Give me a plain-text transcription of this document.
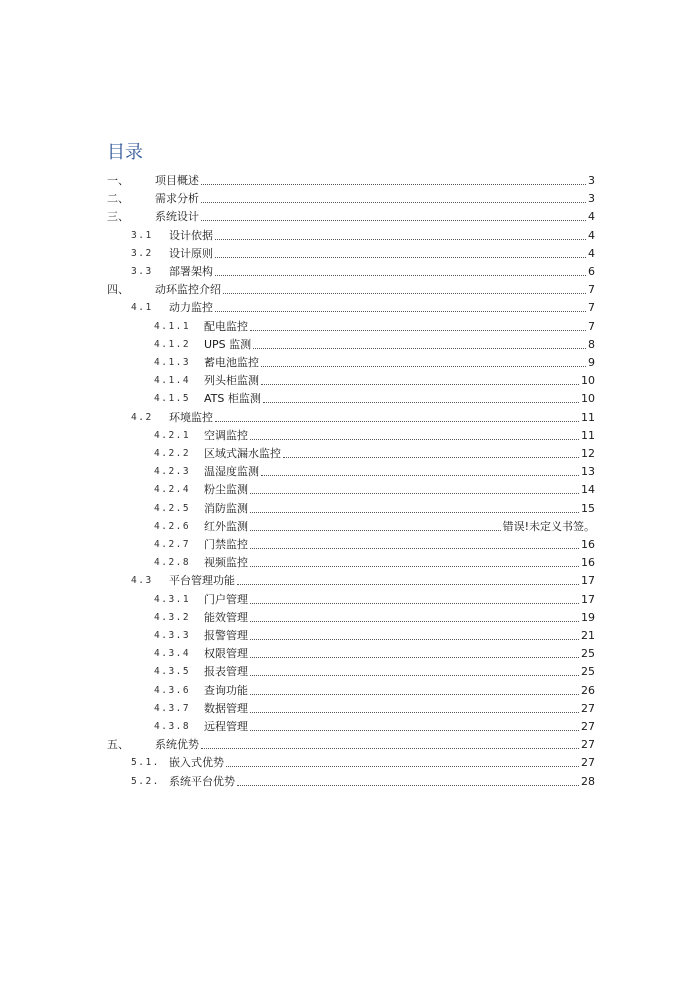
目录
一、	项目概述	3
二、	需求分析	3
三、	系统设计	4
3.1	设计依据	4
3.2	设计原则	4
3.3	部署架构	6
四、	动环监控介绍	7
4.1	动力监控	7
4.1.1	配电监控	7
4.1.2	UPS 监测	8
4.1.3	蓄电池监控	9
4.1.4	列头柜监测	10
4.1.5	ATS 柜监测	10
4.2	环境监控	11
4.2.1	空调监控	11
4.2.2	区域式漏水监控	12
4.2.3	温湿度监测	13
4.2.4	粉尘监测	14
4.2.5	消防监测	15
4.2.6	红外监测	错误!未定义书签。
4.2.7	门禁监控	16
4.2.8	视频监控	16
4.3	平台管理功能	17
4.3.1	门户管理	17
4.3.2	能效管理	19
4.3.3	报警管理	21
4.3.4	权限管理	25
4.3.5	报表管理	25
4.3.6	查询功能	26
4.3.7	数据管理	27
4.3.8	远程管理	27
五、	系统优势	27
5.1. 嵌入式优势	27
5.2. 系统平台优势	28
